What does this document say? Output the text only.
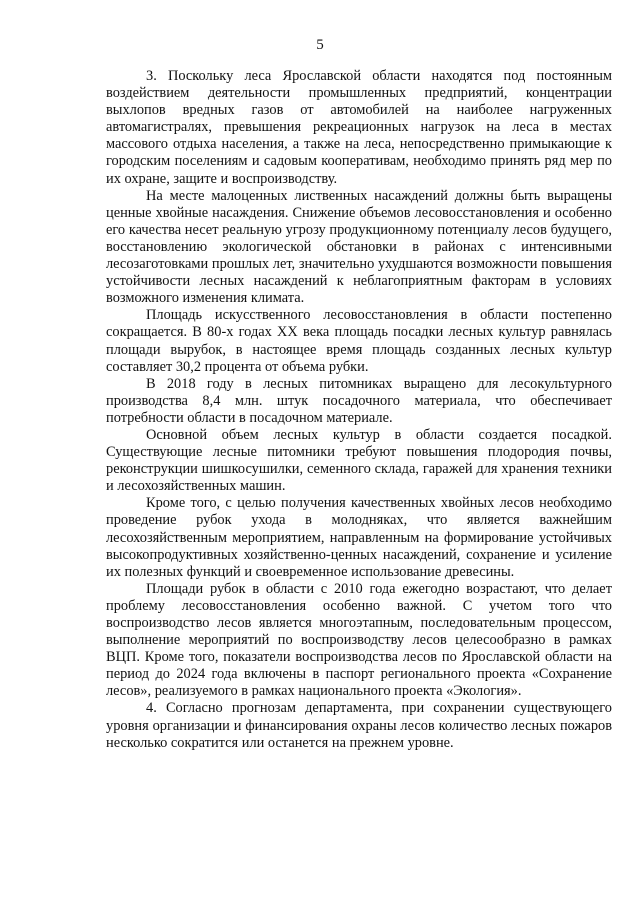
5

3. Поскольку леса Ярославской области находятся под постоянным воздействием деятельности промышленных предприятий, концентрации выхлопов вредных газов от автомобилей на наиболее нагруженных автомагистралях, превышения рекреационных нагрузок на леса в местах массового отдыха населения, а также на леса, непосредственно примыкающие к городским поселениям и садовым кооперативам, необходимо принять ряд мер по их охране, защите и воспроизводству.

На месте малоценных лиственных насаждений должны быть выращены ценные хвойные насаждения. Снижение объемов лесовосстановления и особенно его качества несет реальную угрозу продукционному потенциалу лесов будущего, восстановлению экологической обстановки в районах с интенсивными лесозаготовками прошлых лет, значительно ухудшаются возможности повышения устойчивости лесных насаждений к неблагоприятным факторам в условиях возможного изменения климата.

Площадь искусственного лесовосстановления в области постепенно сокращается. В 80-х годах XX века площадь посадки лесных культур равнялась площади вырубок, в настоящее время площадь созданных лесных культур составляет 30,2 процента от объема рубки.

В 2018 году в лесных питомниках выращено для лесокультурного производства 8,4 млн. штук посадочного материала, что обеспечивает потребности области в посадочном материале.

Основной объем лесных культур в области создается посадкой. Существующие лесные питомники требуют повышения плодородия почвы, реконструкции шишкосушилки, семенного склада, гаражей для хранения техники и лесохозяйственных машин.

Кроме того, с целью получения качественных хвойных лесов необходимо проведение рубок ухода в молодняках, что является важнейшим лесохозяйственным мероприятием, направленным на формирование устойчивых высокопродуктивных хозяйственно-ценных насаждений, сохранение и усиление их полезных функций и своевременное использование древесины.

Площади рубок в области с 2010 года ежегодно возрастают, что делает проблему лесовосстановления особенно важной. С учетом того что воспроизводство лесов является многоэтапным, последовательным процессом, выполнение мероприятий по воспроизводству лесов целесообразно в рамках ВЦП. Кроме того, показатели воспроизводства лесов по Ярославской области на период до 2024 года включены в паспорт регионального проекта «Сохранение лесов», реализуемого в рамках национального проекта «Экология».

4. Согласно прогнозам департамента, при сохранении существующего уровня организации и финансирования охраны лесов количество лесных пожаров несколько сократится или останется на прежнем уровне.
